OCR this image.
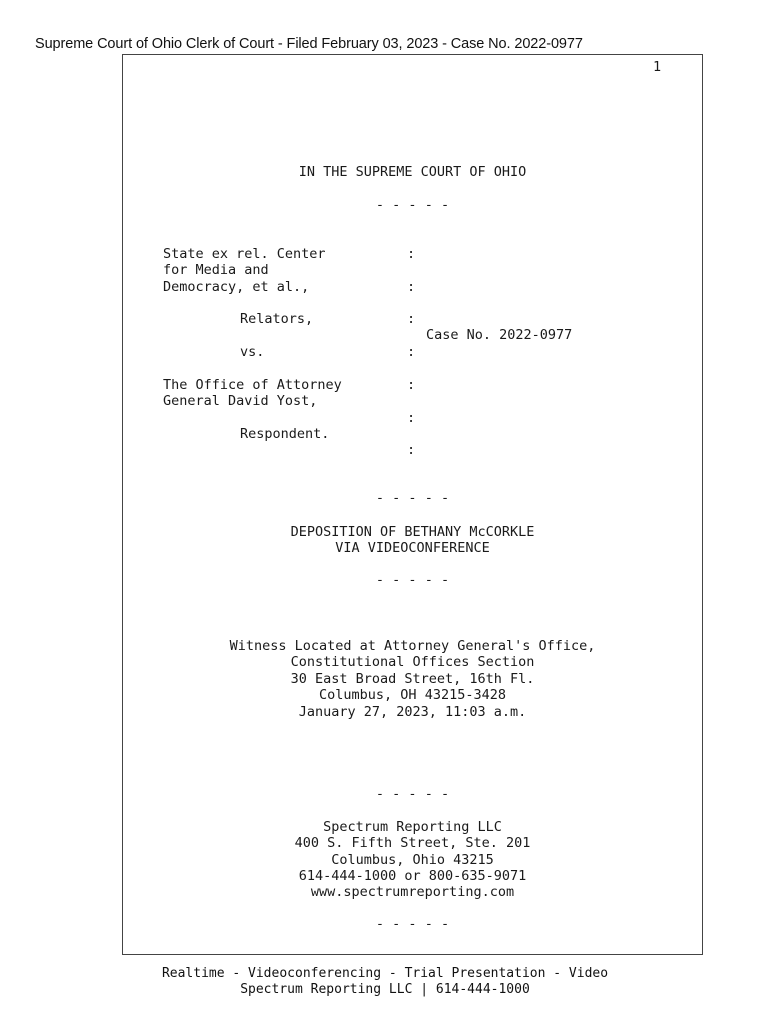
Supreme Court of Ohio Clerk of Court - Filed February 03, 2023 - Case No. 2022-0977
1
IN THE SUPREME COURT OF OHIO
- - - - -
State ex rel. Center
for Media and
Democracy, et al.,
Relators,
vs.
The Office of Attorney
General David Yost,
Respondent.
:
:
:
:
:
:
:
Case No. 2022-0977
- - - - -
DEPOSITION OF BETHANY McCORKLE
VIA VIDEOCONFERENCE
- - - - -
Witness Located at Attorney General's Office,
Constitutional Offices Section
30 East Broad Street, 16th Fl.
Columbus, OH 43215-3428
January 27, 2023, 11:03 a.m.
- - - - -
Spectrum Reporting LLC
400 S. Fifth Street, Ste. 201
Columbus, Ohio 43215
614-444-1000 or 800-635-9071
www.spectrumreporting.com
- - - - -
Realtime - Videoconferencing - Trial Presentation - Video
Spectrum Reporting LLC | 614-444-1000
